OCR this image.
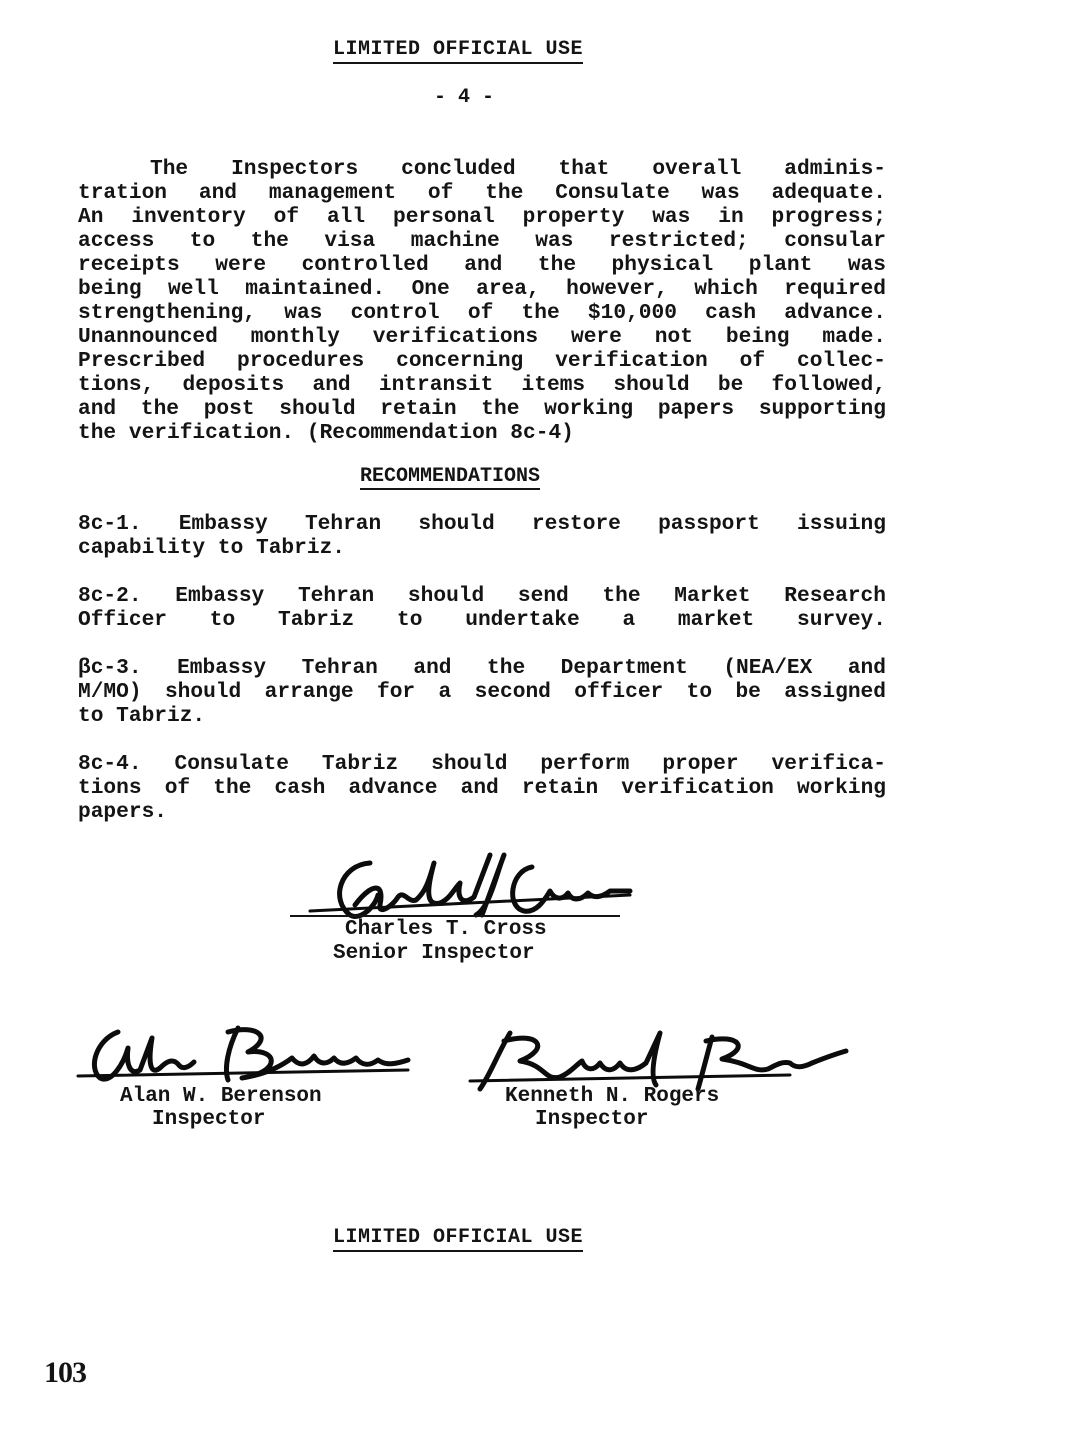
LIMITED OFFICIAL USE
- 4 -
The Inspectors concluded that overall adminis-
tration and management of the Consulate was adequate.
An inventory of all personal property was in progress;
access to the visa machine was restricted; consular
receipts were controlled and the physical plant was
being well maintained. One area, however, which required
strengthening, was control of the $10,000 cash advance.
Unannounced monthly verifications were not being made.
Prescribed procedures concerning verification of collec-
tions, deposits and intransit items should be followed,
and the post should retain the working papers supporting
the verification. (Recommendation 8c-4)
RECOMMENDATIONS
8c-1. Embassy Tehran should restore passport issuing
capability to Tabriz.
8c-2. Embassy Tehran should send the Market Research
Officer to Tabriz to undertake a market survey.
βc-3. Embassy Tehran and the Department (NEA/EX and
M/MO) should arrange for a second officer to be assigned
to Tabriz.
8c-4. Consulate Tabriz should perform proper verifica-
tions of the cash advance and retain verification working
papers.
Charles T. Cross
Senior Inspector
Alan W. Berenson
Inspector
Kenneth N. Rogers
Inspector
LIMITED OFFICIAL USE
103
